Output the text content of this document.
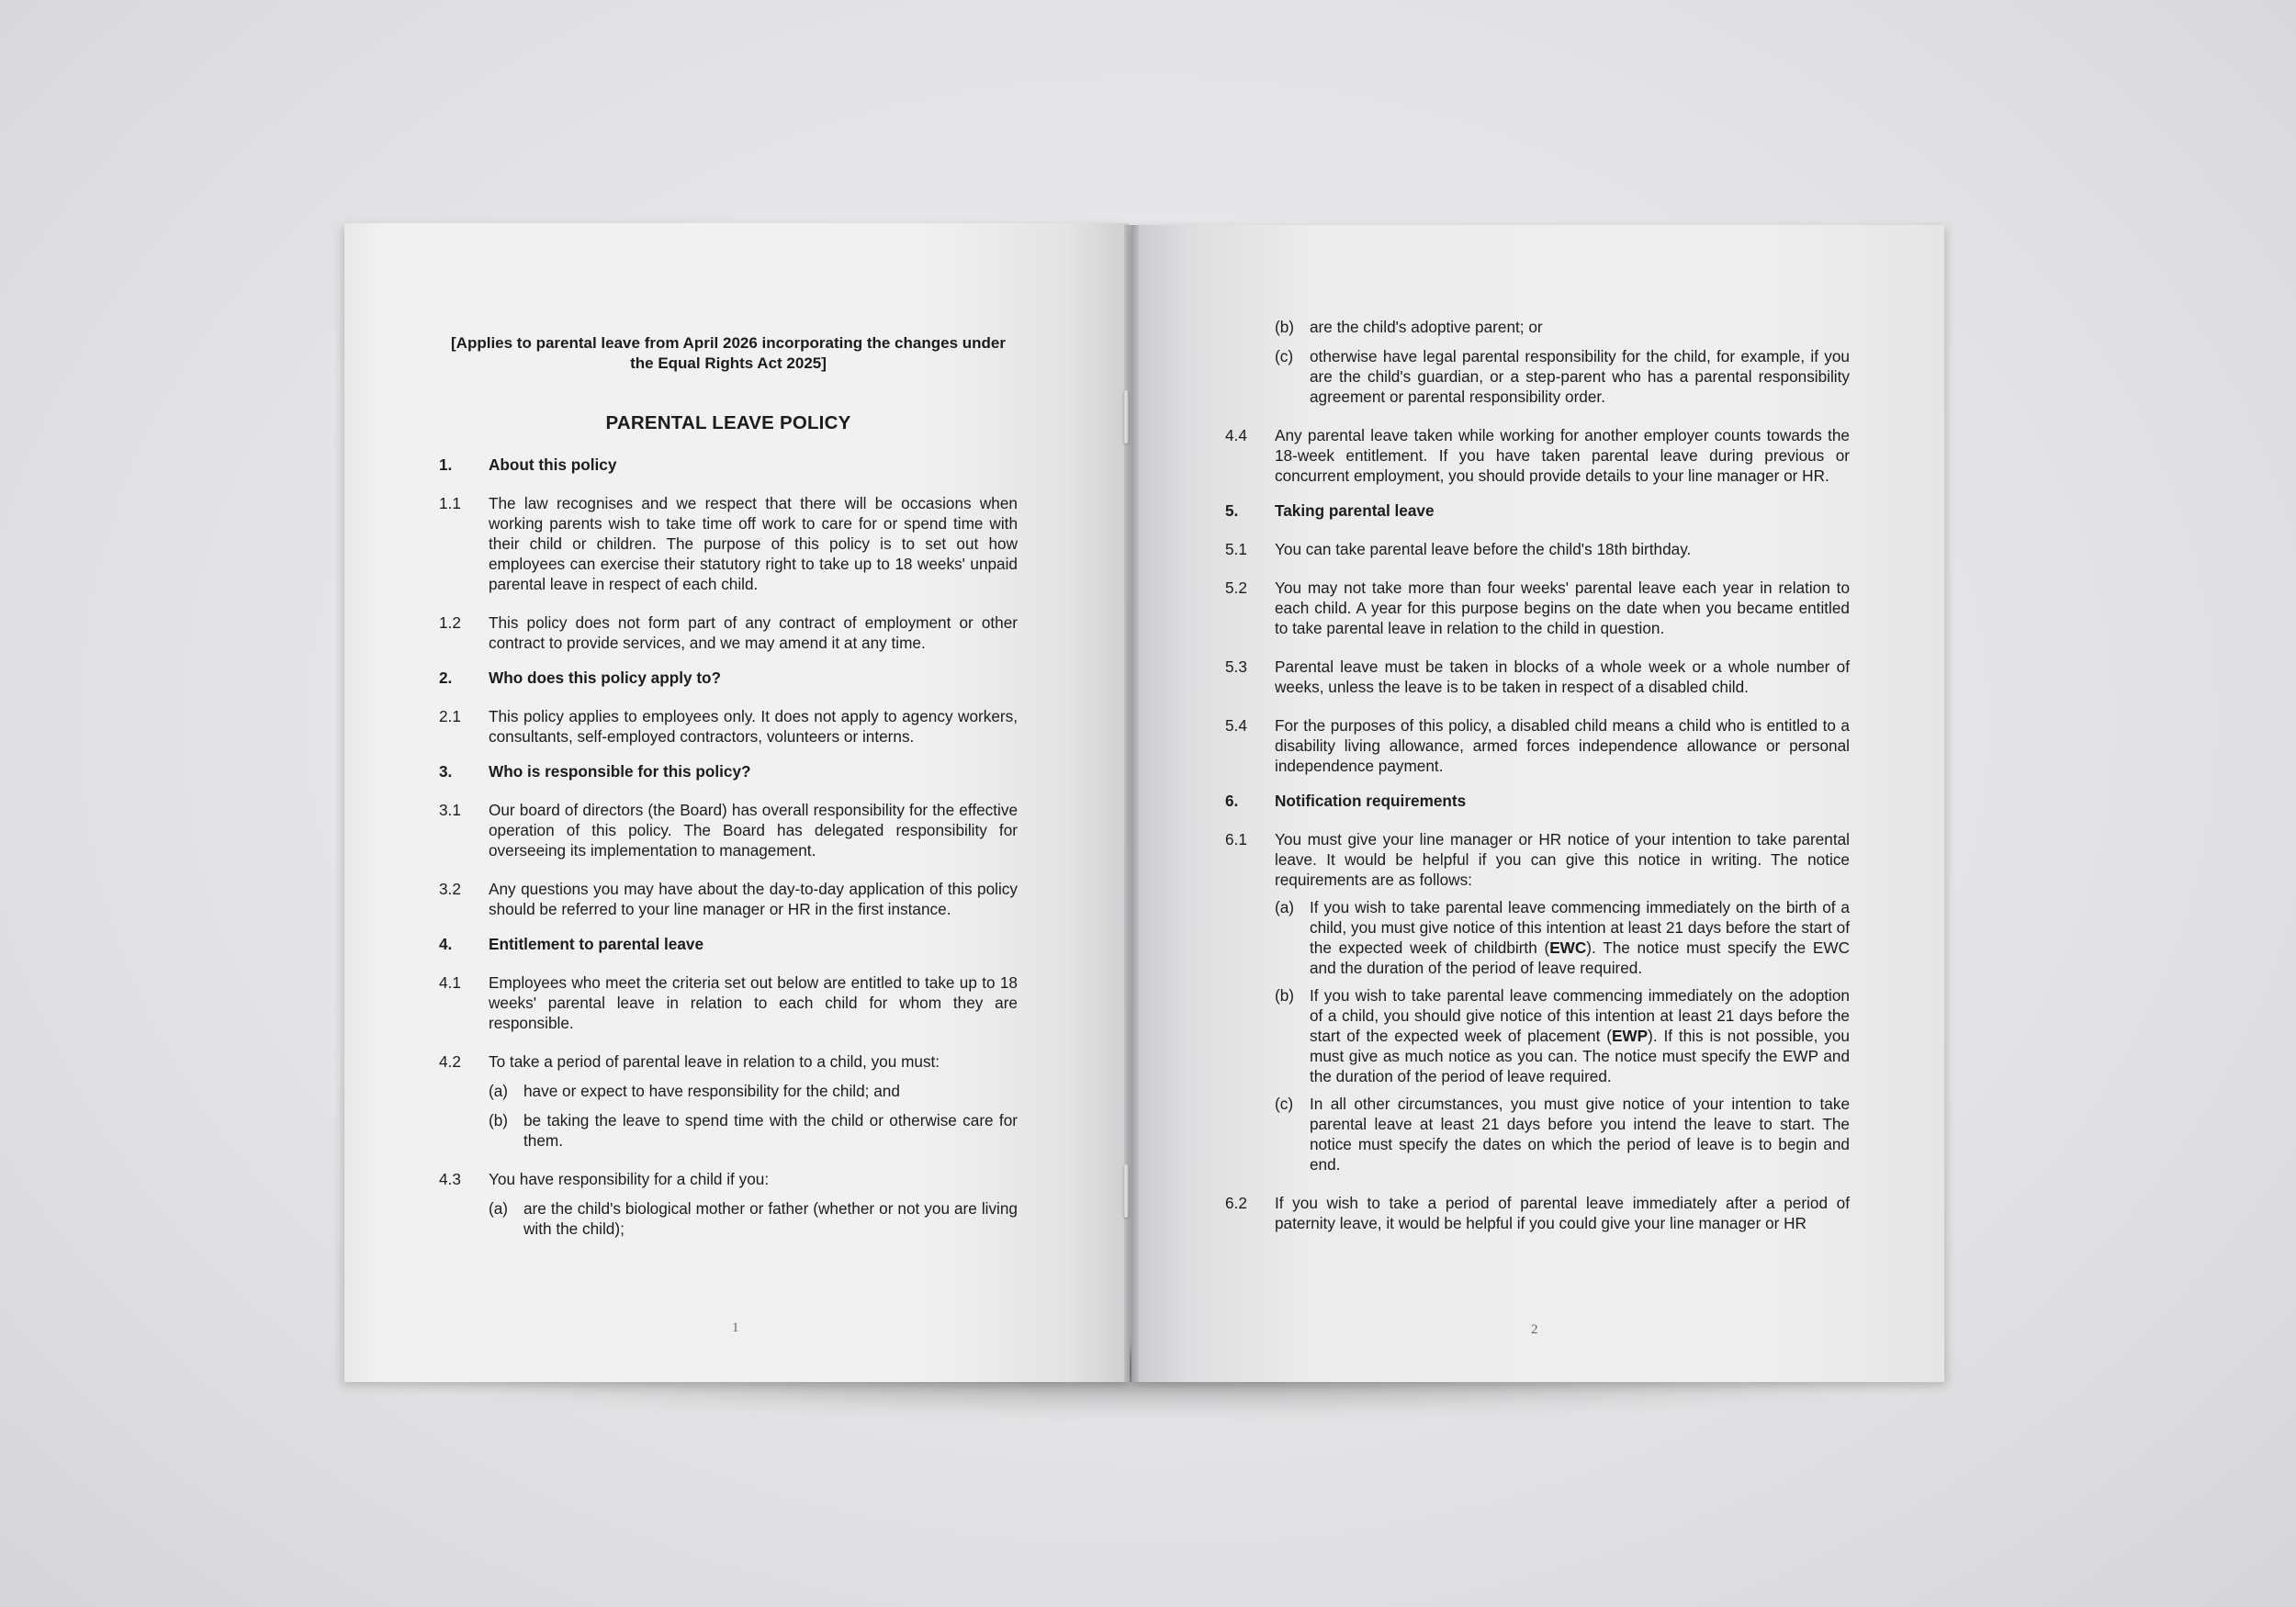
[Applies to parental leave from April 2026 incorporating the changes under the Equal Rights Act 2025]
PARENTAL LEAVE POLICY
1.	About this policy
1.1	The law recognises and we respect that there will be occasions when working parents wish to take time off work to care for or spend time with their child or children. The purpose of this policy is to set out how employees can exercise their statutory right to take up to 18 weeks' unpaid parental leave in respect of each child.
1.2	This policy does not form part of any contract of employment or other contract to provide services, and we may amend it at any time.
2.	Who does this policy apply to?
2.1	This policy applies to employees only. It does not apply to agency workers, consultants, self-employed contractors, volunteers or interns.
3.	Who is responsible for this policy?
3.1	Our board of directors (the Board) has overall responsibility for the effective operation of this policy. The Board has delegated responsibility for overseeing its implementation to management.
3.2	Any questions you may have about the day-to-day application of this policy should be referred to your line manager or HR in the first instance.
4.	Entitlement to parental leave
4.1	Employees who meet the criteria set out below are entitled to take up to 18 weeks' parental leave in relation to each child for whom they are responsible.
4.2	To take a period of parental leave in relation to a child, you must:
(a) have or expect to have responsibility for the child; and
(b) be taking the leave to spend time with the child or otherwise care for them.
4.3	You have responsibility for a child if you:
(a) are the child's biological mother or father (whether or not you are living with the child);
1
(b) are the child's adoptive parent; or
(c)	otherwise have legal parental responsibility for the child, for example, if you are the child's guardian, or a step-parent who has a parental responsibility agreement or parental responsibility order.
4.4	Any parental leave taken while working for another employer counts towards the 18-week entitlement. If you have taken parental leave during previous or concurrent employment, you should provide details to your line manager or HR.
5.	Taking parental leave
5.1	You can take parental leave before the child's 18th birthday.
5.2	You may not take more than four weeks' parental leave each year in relation to each child. A year for this purpose begins on the date when you became entitled to take parental leave in relation to the child in question.
5.3	Parental leave must be taken in blocks of a whole week or a whole number of weeks, unless the leave is to be taken in respect of a disabled child.
5.4	For the purposes of this policy, a disabled child means a child who is entitled to a disability living allowance, armed forces independence allowance or personal independence payment.
6.	Notification requirements
6.1	You must give your line manager or HR notice of your intention to take parental leave. It would be helpful if you can give this notice in writing. The notice requirements are as follows:
(a) If you wish to take parental leave commencing immediately on the birth of a child, you must give notice of this intention at least 21 days before the start of the expected week of childbirth (EWC). The notice must specify the EWC and the duration of the period of leave required.
(b) If you wish to take parental leave commencing immediately on the adoption of a child, you should give notice of this intention at least 21 days before the start of the expected week of placement (EWP). If this is not possible, you must give as much notice as you can. The notice must specify the EWP and the duration of the period of leave required.
(c)	In all other circumstances, you must give notice of your intention to take parental leave at least 21 days before you intend the leave to start. The notice must specify the dates on which the period of leave is to begin and end.
6.2	If you wish to take a period of parental leave immediately after a period of paternity leave, it would be helpful if you could give your line manager or HR
2
